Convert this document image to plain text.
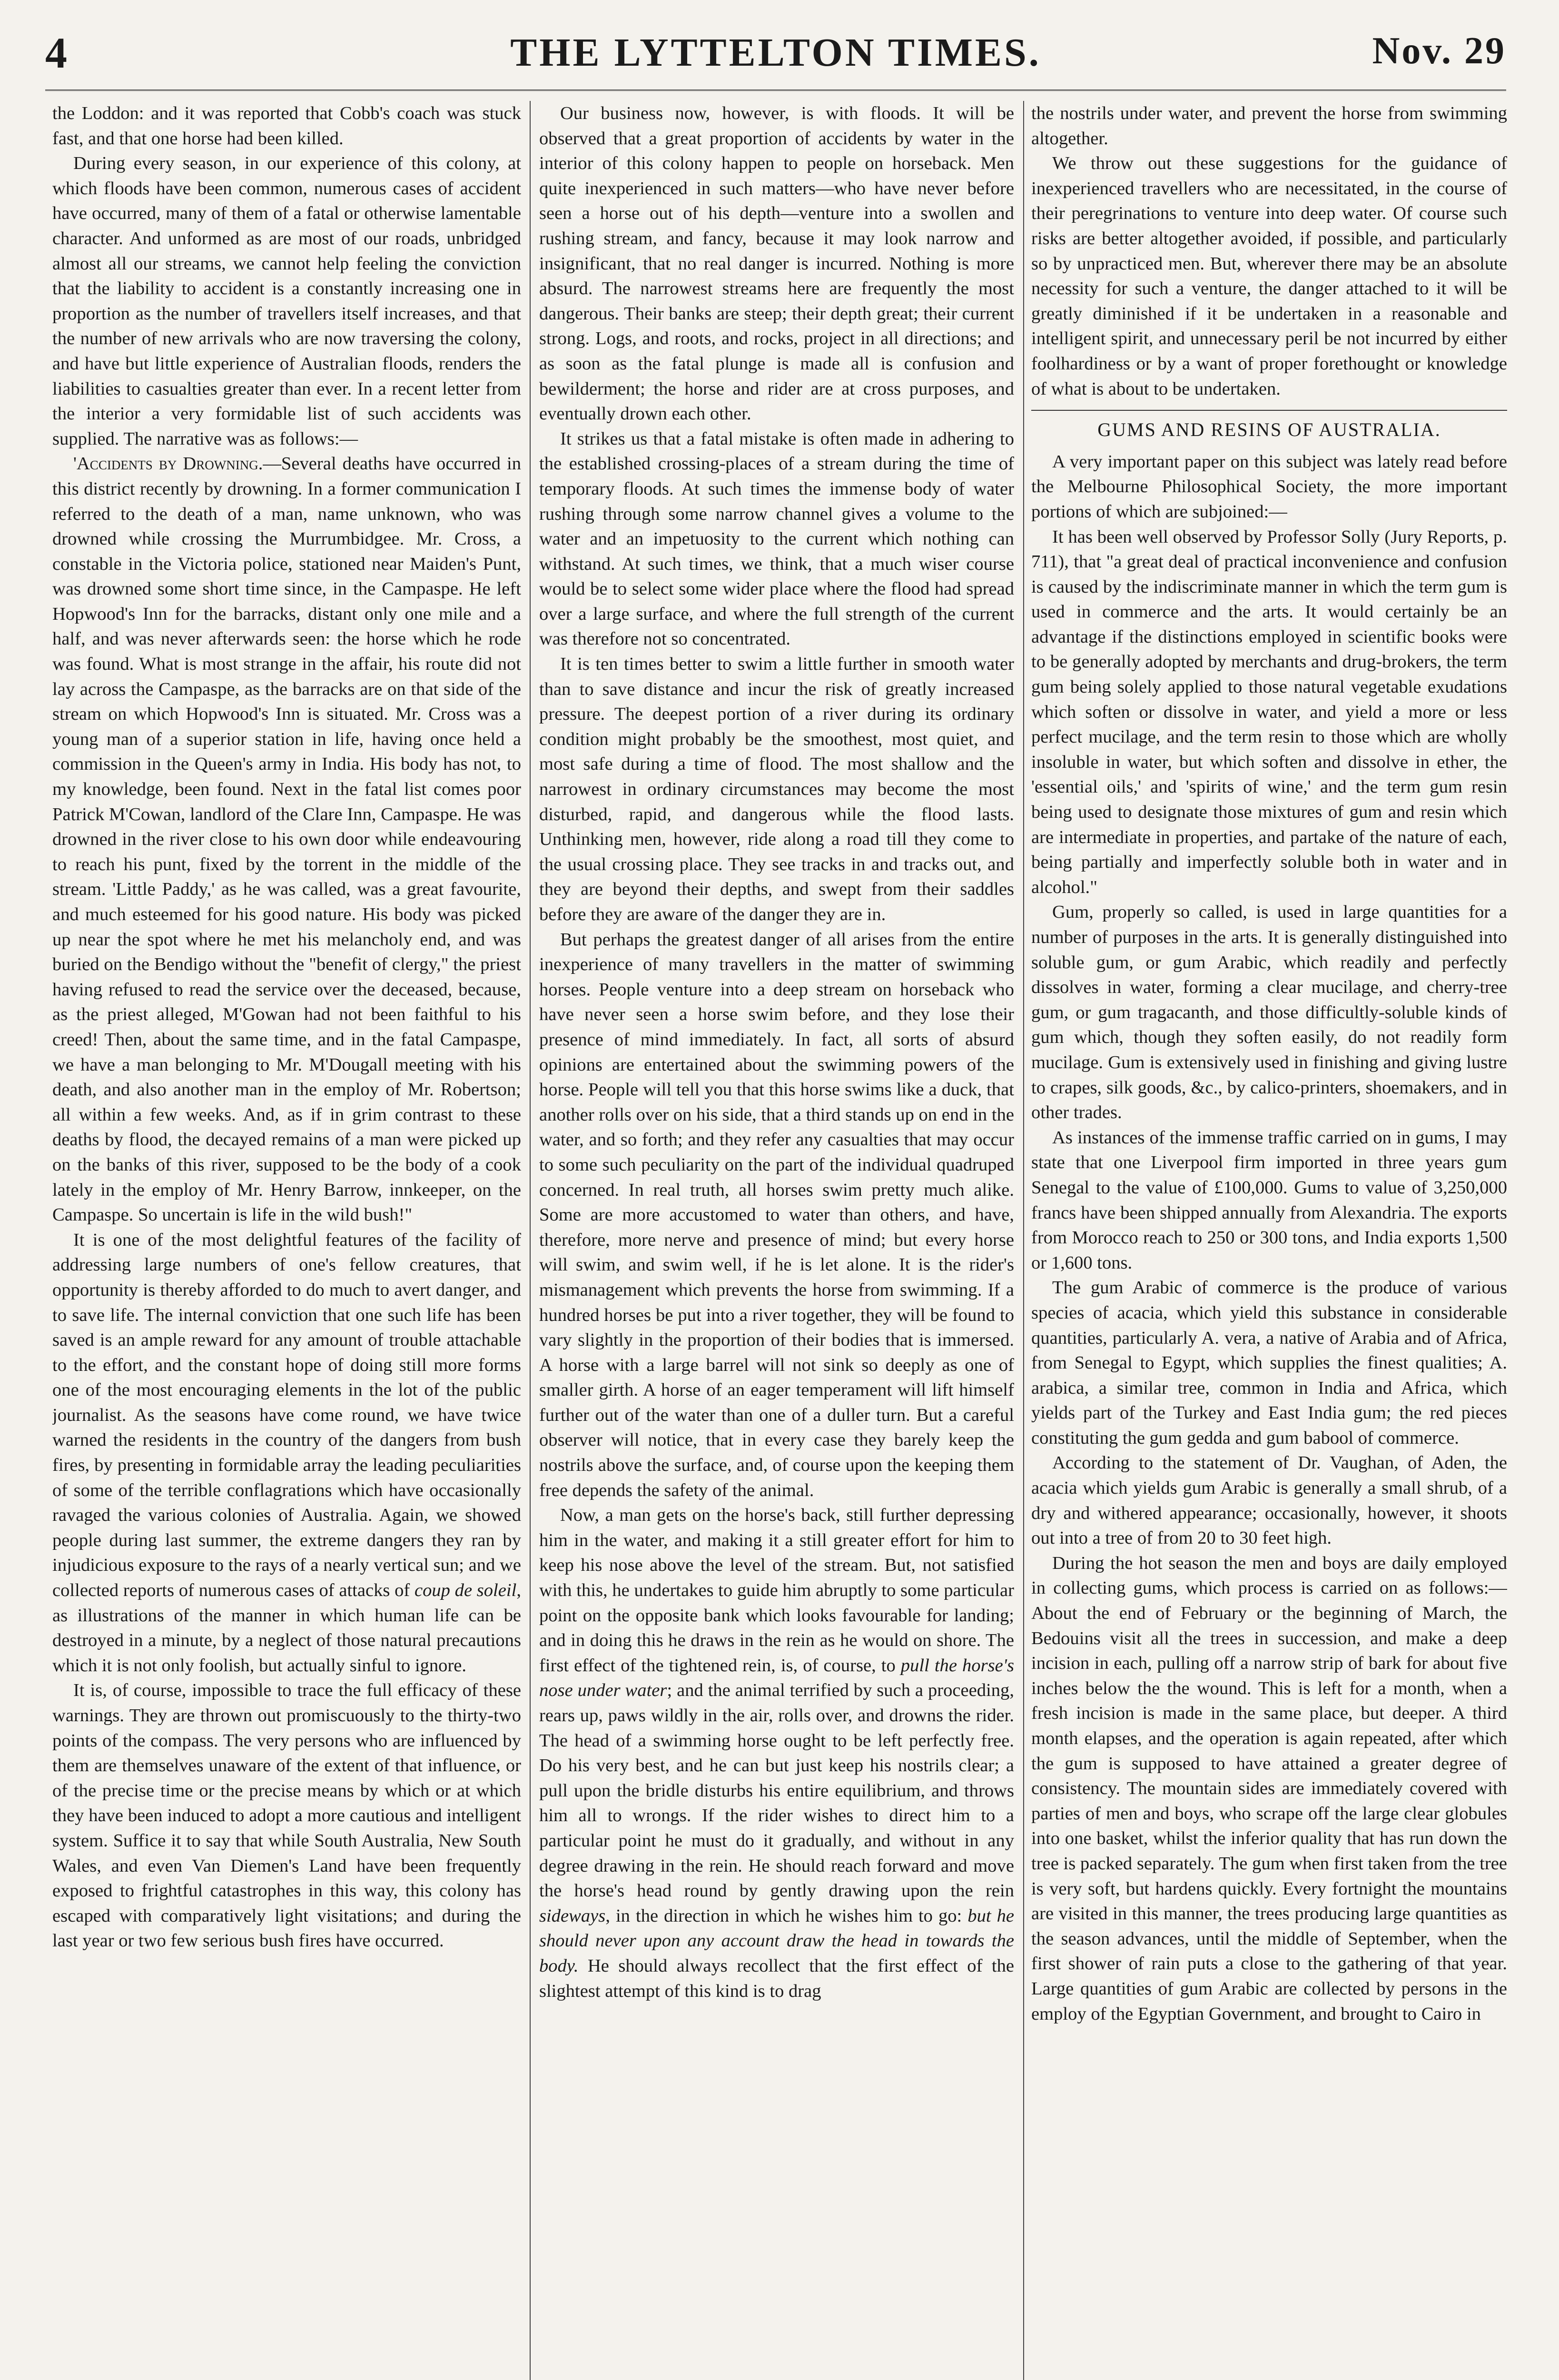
4	THE LYTTELTON TIMES.	Nov. 29

the Loddon: and it was reported that Cobb's coach was stuck fast, and that one horse had been killed.

During every season, in our experience of this colony, at which floods have been common, numerous cases of accident have occurred, many of them of a fatal or otherwise lamentable character. And unformed as are most of our roads, unbridged almost all our streams, we cannot help feeling the conviction that the liability to accident is a constantly increasing one in proportion as the number of travellers itself increases, and that the number of new arrivals who are now traversing the colony, and have but little experience of Australian floods, renders the liabilities to casualties greater than ever. In a recent letter from the interior a very formidable list of such accidents was supplied. The narrative was as follows:—

'Accidents by Drowning.—Several deaths have occurred in this district recently by drowning. In a former communication I referred to the death of a man, name unknown, who was drowned while crossing the Murrumbidgee. Mr. Cross, a constable in the Victoria police, stationed near Maiden's Punt, was drowned some short time since, in the Campaspe. He left Hopwood's Inn for the barracks, distant only one mile and a half, and was never afterwards seen: the horse which he rode was found. What is most strange in the affair, his route did not lay across the Campaspe, as the barracks are on that side of the stream on which Hopwood's Inn is situated. Mr. Cross was a young man of a superior station in life, having once held a commission in the Queen's army in India. His body has not, to my knowledge, been found. Next in the fatal list comes poor Patrick M'Cowan, landlord of the Clare Inn, Campaspe. He was drowned in the river close to his own door while endeavouring to reach his punt, fixed by the torrent in the middle of the stream. 'Little Paddy,' as he was called, was a great favourite, and much esteemed for his good nature. His body was picked up near the spot where he met his melancholy end, and was buried on the Bendigo without the "benefit of clergy," the priest having refused to read the service over the deceased, because, as the priest alleged, M'Gowan had not been faithful to his creed! Then, about the same time, and in the fatal Campaspe, we have a man belonging to Mr. M'Dougall meeting with his death, and also another man in the employ of Mr. Robertson; all within a few weeks. And, as if in grim contrast to these deaths by flood, the decayed remains of a man were picked up on the banks of this river, supposed to be the body of a cook lately in the employ of Mr. Henry Barrow, innkeeper, on the Campaspe. So uncertain is life in the wild bush!"

It is one of the most delightful features of the facility of addressing large numbers of one's fellow creatures, that opportunity is thereby afforded to do much to avert danger, and to save life. The internal conviction that one such life has been saved is an ample reward for any amount of trouble attachable to the effort, and the constant hope of doing still more forms one of the most encouraging elements in the lot of the public journalist. As the seasons have come round, we have twice warned the residents in the country of the dangers from bush fires, by presenting in formidable array the leading peculiarities of some of the terrible conflagrations which have occasionally ravaged the various colonies of Australia. Again, we showed people during last summer, the extreme dangers they ran by injudicious exposure to the rays of a nearly vertical sun; and we collected reports of numerous cases of attacks of coup de soleil, as illustrations of the manner in which human life can be destroyed in a minute, by a neglect of those natural precautions which it is not only foolish, but actually sinful to ignore.

It is, of course, impossible to trace the full efficacy of these warnings. They are thrown out promiscuously to the thirty-two points of the compass. The very persons who are influenced by them are themselves unaware of the extent of that influence, or of the precise time or the precise means by which or at which they have been induced to adopt a more cautious and intelligent system. Suffice it to say that while South Australia, New South Wales, and even Van Diemen's Land have been frequently exposed to frightful catastrophes in this way, this colony has escaped with comparatively light visitations; and during the last year or two few serious bush fires have occurred.

Our business now, however, is with floods. It will be observed that a great proportion of accidents by water in the interior of this colony happen to people on horseback. Men quite inexperienced in such matters—who have never before seen a horse out of his depth—venture into a swollen and rushing stream, and fancy, because it may look narrow and insignificant, that no real danger is incurred. Nothing is more absurd. The narrowest streams here are frequently the most dangerous. Their banks are steep; their depth great; their current strong. Logs, and roots, and rocks, project in all directions; and as soon as the fatal plunge is made all is confusion and bewilderment; the horse and rider are at cross purposes, and eventually drown each other.

It strikes us that a fatal mistake is often made in adhering to the established crossing-places of a stream during the time of temporary floods. At such times the immense body of water rushing through some narrow channel gives a volume to the water and an impetuosity to the current which nothing can withstand. At such times, we think, that a much wiser course would be to select some wider place where the flood had spread over a large surface, and where the full strength of the current was therefore not so concentrated.

It is ten times better to swim a little further in smooth water than to save distance and incur the risk of greatly increased pressure. The deepest portion of a river during its ordinary condition might probably be the smoothest, most quiet, and most safe during a time of flood. The most shallow and the narrowest in ordinary circumstances may become the most disturbed, rapid, and dangerous while the flood lasts. Unthinking men, however, ride along a road till they come to the usual crossing place. They see tracks in and tracks out, and they are beyond their depths, and swept from their saddles before they are aware of the danger they are in.

But perhaps the greatest danger of all arises from the entire inexperience of many travellers in the matter of swimming horses. People venture into a deep stream on horseback who have never seen a horse swim before, and they lose their presence of mind immediately. In fact, all sorts of absurd opinions are entertained about the swimming powers of the horse. People will tell you that this horse swims like a duck, that another rolls over on his side, that a third stands up on end in the water, and so forth; and they refer any casualties that may occur to some such peculiarity on the part of the individual quadruped concerned. In real truth, all horses swim pretty much alike. Some are more accustomed to water than others, and have, therefore, more nerve and presence of mind; but every horse will swim, and swim well, if he is let alone. It is the rider's mismanagement which prevents the horse from swimming. If a hundred horses be put into a river together, they will be found to vary slightly in the proportion of their bodies that is immersed. A horse with a large barrel will not sink so deeply as one of smaller girth. A horse of an eager temperament will lift himself further out of the water than one of a duller turn. But a careful observer will notice, that in every case they barely keep the nostrils above the surface, and, of course upon the keeping them free depends the safety of the animal.

Now, a man gets on the horse's back, still further depressing him in the water, and making it a still greater effort for him to keep his nose above the level of the stream. But, not satisfied with this, he undertakes to guide him abruptly to some particular point on the opposite bank which looks favourable for landing; and in doing this he draws in the rein as he would on shore. The first effect of the tightened rein, is, of course, to pull the horse's nose under water; and the animal terrified by such a proceeding, rears up, paws wildly in the air, rolls over, and drowns the rider. The head of a swimming horse ought to be left perfectly free. Do his very best, and he can but just keep his nostrils clear; a pull upon the bridle disturbs his entire equilibrium, and throws him all to wrongs. If the rider wishes to direct him to a particular point he must do it gradually, and without in any degree drawing in the rein. He should reach forward and move the horse's head round by gently drawing upon the rein sideways, in the direction in which he wishes him to go: but he should never upon any account draw the head in towards the body. He should always recollect that the first effect of the slightest attempt of this kind is to drag

the nostrils under water, and prevent the horse from swimming altogether.

We throw out these suggestions for the guidance of inexperienced travellers who are necessitated, in the course of their peregrinations to venture into deep water. Of course such risks are better altogether avoided, if possible, and particularly so by unpracticed men. But, wherever there may be an absolute necessity for such a venture, the danger attached to it will be greatly diminished if it be undertaken in a reasonable and intelligent spirit, and unnecessary peril be not incurred by either foolhardiness or by a want of proper forethought or knowledge of what is about to be undertaken.

GUMS AND RESINS OF AUSTRALIA.

A very important paper on this subject was lately read before the Melbourne Philosophical Society, the more important portions of which are subjoined:—

It has been well observed by Professor Solly (Jury Reports, p. 711), that "a great deal of practical inconvenience and confusion is caused by the indiscriminate manner in which the term gum is used in commerce and the arts. It would certainly be an advantage if the distinctions employed in scientific books were to be generally adopted by merchants and drug-brokers, the term gum being solely applied to those natural vegetable exudations which soften or dissolve in water, and yield a more or less perfect mucilage, and the term resin to those which are wholly insoluble in water, but which soften and dissolve in ether, the 'essential oils,' and 'spirits of wine,' and the term gum resin being used to designate those mixtures of gum and resin which are intermediate in properties, and partake of the nature of each, being partially and imperfectly soluble both in water and in alcohol."

Gum, properly so called, is used in large quantities for a number of purposes in the arts. It is generally distinguished into soluble gum, or gum Arabic, which readily and perfectly dissolves in water, forming a clear mucilage, and cherry-tree gum, or gum tragacanth, and those difficultly-soluble kinds of gum which, though they soften easily, do not readily form mucilage. Gum is extensively used in finishing and giving lustre to crapes, silk goods, &c., by calico-printers, shoemakers, and in other trades.

As instances of the immense traffic carried on in gums, I may state that one Liverpool firm imported in three years gum Senegal to the value of £100,000. Gums to value of 3,250,000 francs have been shipped annually from Alexandria. The exports from Morocco reach to 250 or 300 tons, and India exports 1,500 or 1,600 tons.

The gum Arabic of commerce is the produce of various species of acacia, which yield this substance in considerable quantities, particularly A. vera, a native of Arabia and of Africa, from Senegal to Egypt, which supplies the finest qualities; A. arabica, a similar tree, common in India and Africa, which yields part of the Turkey and East India gum; the red pieces constituting the gum gedda and gum babool of commerce.

According to the statement of Dr. Vaughan, of Aden, the acacia which yields gum Arabic is generally a small shrub, of a dry and withered appearance; occasionally, however, it shoots out into a tree of from 20 to 30 feet high.

During the hot season the men and boys are daily employed in collecting gums, which process is carried on as follows:—About the end of February or the beginning of March, the Bedouins visit all the trees in succession, and make a deep incision in each, pulling off a narrow strip of bark for about five inches below the the wound. This is left for a month, when a fresh incision is made in the same place, but deeper. A third month elapses, and the operation is again repeated, after which the gum is supposed to have attained a greater degree of consistency. The mountain sides are immediately covered with parties of men and boys, who scrape off the large clear globules into one basket, whilst the inferior quality that has run down the tree is packed separately. The gum when first taken from the tree is very soft, but hardens quickly. Every fortnight the mountains are visited in this manner, the trees producing large quantities as the season advances, until the middle of September, when the first shower of rain puts a close to the gathering of that year. Large quantities of gum Arabic are collected by persons in the employ of the Egyptian Government, and brought to Cairo in
